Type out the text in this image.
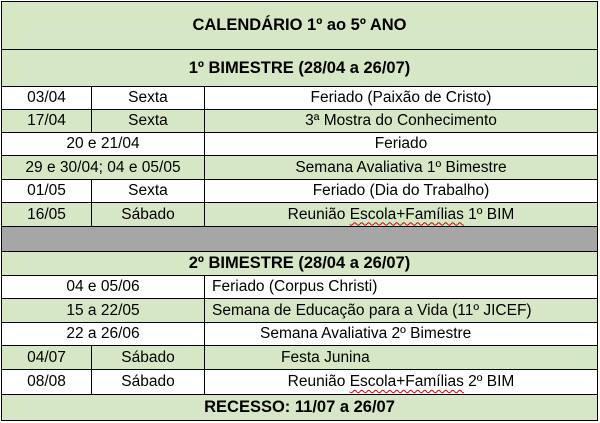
CALENDÁRIO 1º ao 5º ANO
1º BIMESTRE (28/04 a 26/07)
03/04	Sexta	Feriado (Paixão de Cristo)
17/04	Sexta	3ª Mostra do Conhecimento
20 e 21/04	Feriado
29 e 30/04; 04 e 05/05	Semana Avaliativa 1º Bimestre
01/05	Sexta	Feriado (Dia do Trabalho)
16/05	Sábado	Reunião Escola+Famílias 1º BIM
2º BIMESTRE (28/04 a 26/07)
04 e 05/06	Feriado (Corpus Christi)
15 a 22/05	Semana de Educação para a Vida (11º JICEF)
22 a 26/06	Semana Avaliativa 2º Bimestre
04/07	Sábado	Festa Junina
08/08	Sábado	Reunião Escola+Famílias 2º BIM
RECESSO: 11/07 a 26/07
